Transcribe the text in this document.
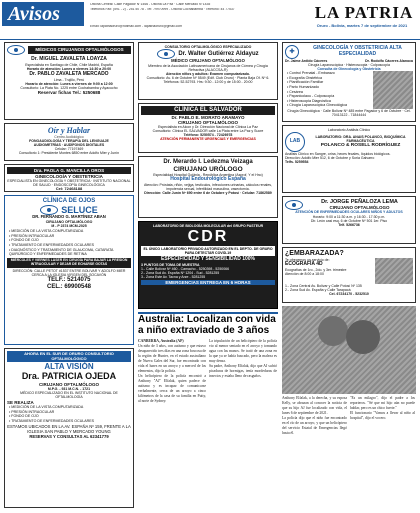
Avisos	Oficina Central: Calle Pagador N°1466 - Oficina La Paz · Calle Mercado N°1435
Teléfonos Fax: (591 - 2) - 251 50 78 - Tel: 79970999 - Oficina Cochabamba · Teléfono: 44 77537
Email: lapatriaoruro@hotmail.com - lapatriaoruro@gmail.com
LA PATRIA
Oruro - Bolivia, martes 7 de septiembre de 2021
MÉDICOS CIRUJANOS OFTALMÓLOGOS
Dr. MIGUEL ZAVALETA LOAYZA
Especialista en Santiago de Chile, Chile Madrid, España
Horario de atención: Lunes a viernes 14:30 a 20:00
Dr. PABLO ZAVALETA MERCADO
Lima - Trujillo, Perú
Horario de atención: Lunes a viernes de 9:00 a 12:00
Consultorio: La Plata No. 1225 entre Cochabamba y Ayacucho
Reservar fichas Tel.: 5250688
Oír y Hablar
Centro Audiológico
FONOAUDIOLOGÍA Y TERAPIA DEL LENGUAJE
AUDIOMETRÍAS · AUDÍFONOS DIGITALES
Celular: 77197469
Consultorio 1: Presidente Montes 6850 entre Adolfo Mier y Junín
Dra. PAOLA G. MANCILLA OROS
GINECOLOGÍA Y OBSTETRICIA
ESPECIALISTA EN GINECOLOGÍA Y OBSTETRICIA · INSTITUTO NACIONAL DE SALUD · ENDOSCOPÍA GINECOLÓGICA
Cel: 72468188
CLÍNICA DE OJOS
SELUCE
DR. FERNANDO G. MARTÍNEZ ABAN
CIRUJANO OFTALMÓLOGO
M - P 2374 MCM-2025
• MEDICIÓN DE LA VISTA COMPUTARIZADA
• PRESIÓN INTRAOCULAR
• FONDO DE OJO
• TRATAMIENTO DE ENFERMEDADES OCULARES
• DIAGNÓSTICO Y TRATAMIENTO DE GLAUCOMA, CATARATA QUIRÚRGICO Y ENFERMEDADES DE RETINA
MIÉRCOLES Y VIERNES LÁSER EN CIRUGÍA PARA BAJAR LA PRESIÓN INTRAOCULAR Y DEJAR DE ECHARSE GOTAS
DIRECCIÓN: CALLE PETOT #1537 ENTRE BOLIVAR Y ADOLFO MIER CERCA A LA IGLESIA VIRGEN DEL SOCAVÓN
TELF.: 5214075
CEL.: 69900548
AHORA EN EL SUR DE ORURO CONSULTORIO OFTALMOLÓGICO
ALTA VISIÓN
Dra. PATRICIA OJEDA
CIRUJANO OFTALMÓLOGO
M.P.G. - 931 M.C.N. - 1721
MÉDICO ESPECIALIZADO EN EL INSTITUTO NACIONAL DE OFTALMOLOGÍA
SE REALIZA
• MEDICIÓN DE LA VISTA COMPUTARIZADA
• PRESIÓN INTRAOCULAR
• FONDO DE OJO
• TRATAMIENTO DE ENFERMEDADES OCULARES
ESTAMOS UBICADOS EN LA AV. ESPAÑA Nº 159, FRENTE A LA IGLESIA SAN PABLO Y MERCADO YOUNG
RESERVAS Y CONSULTAS AL 62341779
CONSULTORIO OFTALMOLÓGICO ESPECIALIZADO
Dr. Walter Gutiérrez Aldayuz
MÉDICO CIRUJANO OFTALMÓLOGO
Miembro de la Asociación Latinoamericana de Cirujanos de Córnea y Cirugía Refractiva (ALACCSA-R)
Atención niños y adultos: Examen computarizado.
Consultorio: Av. 6 de Octubre Nº 5549 (Edif. Club Oruro) · Planta Baja Of. Nº 6. Teléfonos: 52-52793. Hrs: 9:30 - 12:00 y de 15:00 - 20:00
CLÍNICA EL SALVADOR
Dr. PABLO E. MORATO ARAMAYO
CIRUJANO OFTALMÓLOGO
Especialista en Alcon y Dr. Dirección Nacional de Clínica La Paz
Consultorio: Clínica EL SALVADOR calle La Plata entre La Paz y Sucre
Teléfono: 5250574 - 72426978
ATENCIÓN PERMANENTE URGENCIAS Y EMERGENCIAS
Dr. Merardo I. Ledezma Veizaga
CIRUJANO URÓLOGO
Especialidad Hospital Goiânia - República Argentina (Asprof, Y el Hno)
Hospital Endourológico España
Atención: Próstata, riñón, vejiga, testículos, infecciones urinarias, cálculos renales, impotencia sexual, infertilidad masculina, vasectomía.
Dirección: Calle Junín Nº 690 entre 6 de Octubre y Potosí · Celular: 71862589
LABORATORIO DE BIOLOGÍA MOLECULAR del GRUPO PASTEUR
CDR
EL ÚNICO LABORATORIO PRIVADO AUTORIZADO EN EL DEPTO. DE ORURO PARA DETECTAR COVID-19
ESPECIFICIDAD Y SENSIBILIDAD 100%
3 PUNTOS DE TOMA DE MUESTRA
1.- Calle Bolívar Nº 460 - Camacho - 5250398 - 5250066
2.- Zona Sud Av. España Nº 1204 - Sud - 5281255
3.- Zona Este Av. Tacna y Arze - 5281255
EMERGENCIAS ENTREGA EN 6 HORAS
Australia: Localizan con vida a niño extraviado de 3 años
CANBERRA, Australia (AP)

Un niño de 3 años, con autismo y que estuvo desaparecido tres días en una zona boscosa de la región de Hunter, en el estado australiano de Nueva Gales del Sur, fue encontrado con vida el lunes en un arroyo y a merced de los elementos, dijo la policía.

Un helicóptero de la policía encontró a Anthony "AJ" Elfalak, quien padece de autismo y es incapaz de comunicarse verbalmente, cerca de un arroyo a cinco kilómetros de la casa de su familia en Putty, al norte de Sydney.

La tripulación de un helicóptero de la policía vio al menor sentado en el arroyo y tomando agua con las manos. Se trató de una zona en la que ya se había buscado, pero la maleza es muy densa.

Su padre, Anthony Elfalak, dijo que AJ sufrió picaduras de hormigas, tenía mordeduras de insectos y estaba lleno de rasguños.

✚
GINECOLOGÍA Y OBSTETRICIA ALTA ESPECIALIDAD
Dr. Jaime Ardido Cáceres	Dr. Rodolfo Cáceres Alanoca
Cirugía Laparoscópica · Histeroscopia · Colposcopía
Consulta de Ginecología y Obstetricia
• Control Prenatal - Embarazo
• Ecografía Obstétrica
• Planificación Familiar
• Parto Humanizado
• Cesárea
• Papanicolaou - Colposcopía
• Histeroscopia Diagnóstica
• Cirugía Laparoscópica Ginecológica
Cirugía Ginecológica · Calle Bolívar Nº 485 entre Pagador y 6 de Octubre · Cel. 70413122 - 71844444
Laboratorio Análisis Clínico
LAB
LABORATORIO: DRA. ANAIS POLANCO, BIOQUÍMICA FARMACÉUTICA
POLANCO & ROSELL RODRÍGUEZ
Análisis Clínico en Sangre, orina, heces fecales, líquidos biológicos.
Dirección: Adolfo Mier 512, 6 de Octubre y Soria Galvarro
Telfs. 5259554
Dr. JORGE PEÑALOZA LEMA
CIRUJANO OFTALMÓLOGO
ATENCIÓN DE ENFERMEDADES OCULARES NIÑOS Y ADULTOS
Horario: 9:00 a 11:30 a.m. y 16:30 - 17:30 p.m.
Dir. León casi esq. 6 de Octubre Nº 501 1er. Piso
Telf. 5266736
¿EMBARAZADA?
Te ofrecemos un servicio de:
ECOGRAFÍA 4D
Ecografías de 1ro., 2do. y 3er. trimestre
Atención de 8:00 a 18:00
1.- Zona Central Av. Bolívar y Calle Potosí Nº 135
2.- Zona Sud Av. España y Calle Tarapacá
Cel. 67234170 - 5232510

Anthony Elfalak, a la derecha, y su esposa Kelly, se abrazan al conocer la noticia de que su hijo AJ fue localizado con vida, el lunes 6 de septiembre de 2021.

La policía dijo que el niño fue encontrado en el río de un arroyo, y que un helicóptero del servicio Estatal de Emergencias llegó hasta él.

"Es un milagro", dijo el padre a los reporteros. "Sé que mi hijo aún no puede hablar, pero es un chico fuerte."

El funcionario "Vamos a llevar al niño al hospital", dijo el vocero.
